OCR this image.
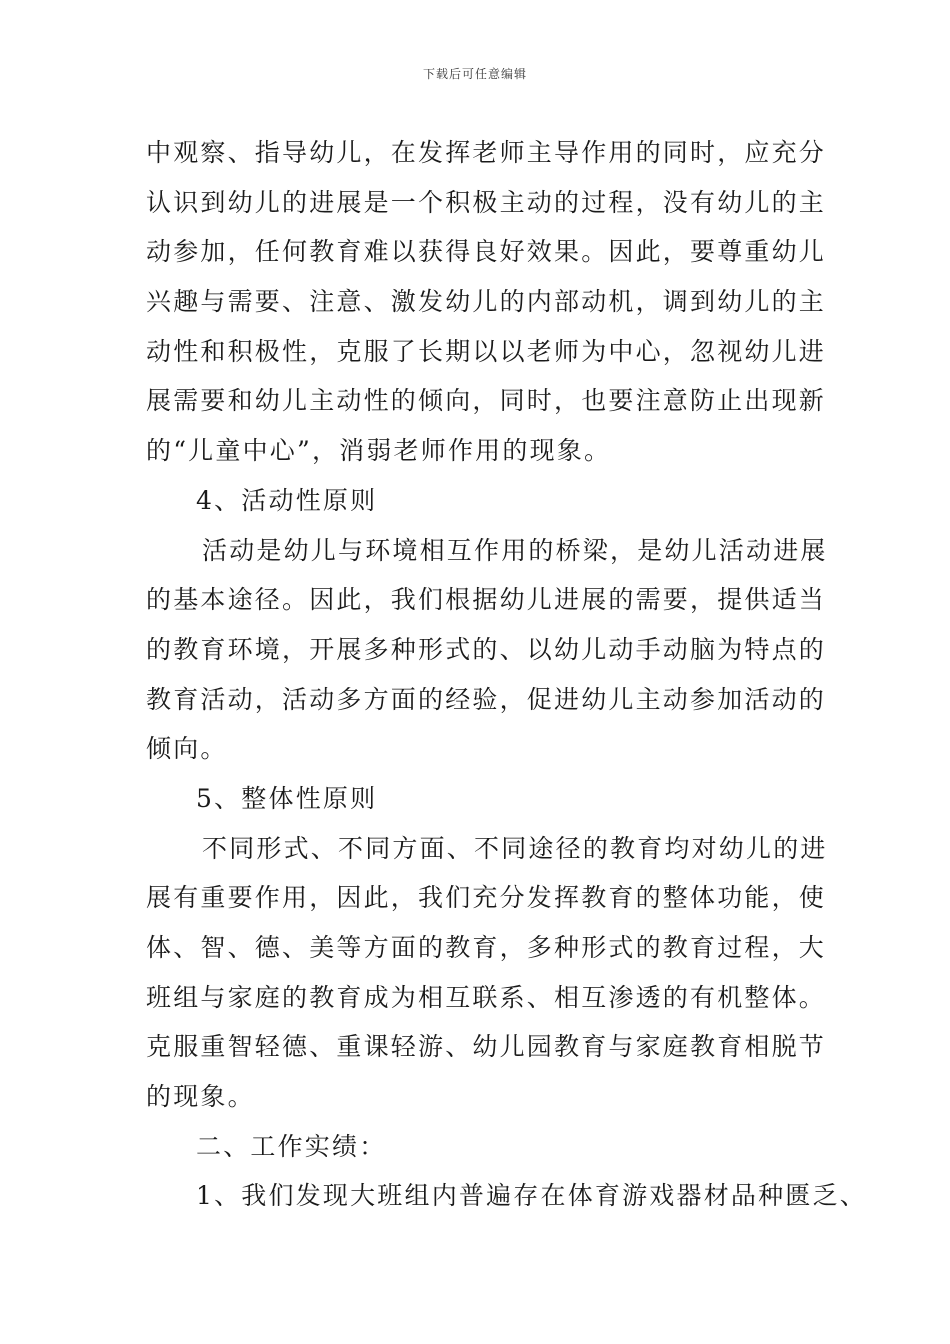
下载后可任意编辑
中观察、指导幼儿，在发挥老师主导作用的同时，应充分
认识到幼儿的进展是一个积极主动的过程，没有幼儿的主
动参加，任何教育难以获得良好效果。因此，要尊重幼儿
兴趣与需要、注意、激发幼儿的内部动机，调到幼儿的主
动性和积极性，克服了长期以以老师为中心，忽视幼儿进
展需要和幼儿主动性的倾向，同时，也要注意防止出现新
的“儿童中心”，消弱老师作用的现象。
4、活动性原则
活动是幼儿与环境相互作用的桥梁，是幼儿活动进展
的基本途径。因此，我们根据幼儿进展的需要，提供适当
的教育环境，开展多种形式的、以幼儿动手动脑为特点的
教育活动，活动多方面的经验，促进幼儿主动参加活动的
倾向。
5、整体性原则
不同形式、不同方面、不同途径的教育均对幼儿的进
展有重要作用，因此，我们充分发挥教育的整体功能，使
体、智、德、美等方面的教育，多种形式的教育过程，大
班组与家庭的教育成为相互联系、相互渗透的有机整体。
克服重智轻德、重课轻游、幼儿园教育与家庭教育相脱节
的现象。
二、工作实绩：
1、我们发现大班组内普遍存在体育游戏器材品种匮乏、
